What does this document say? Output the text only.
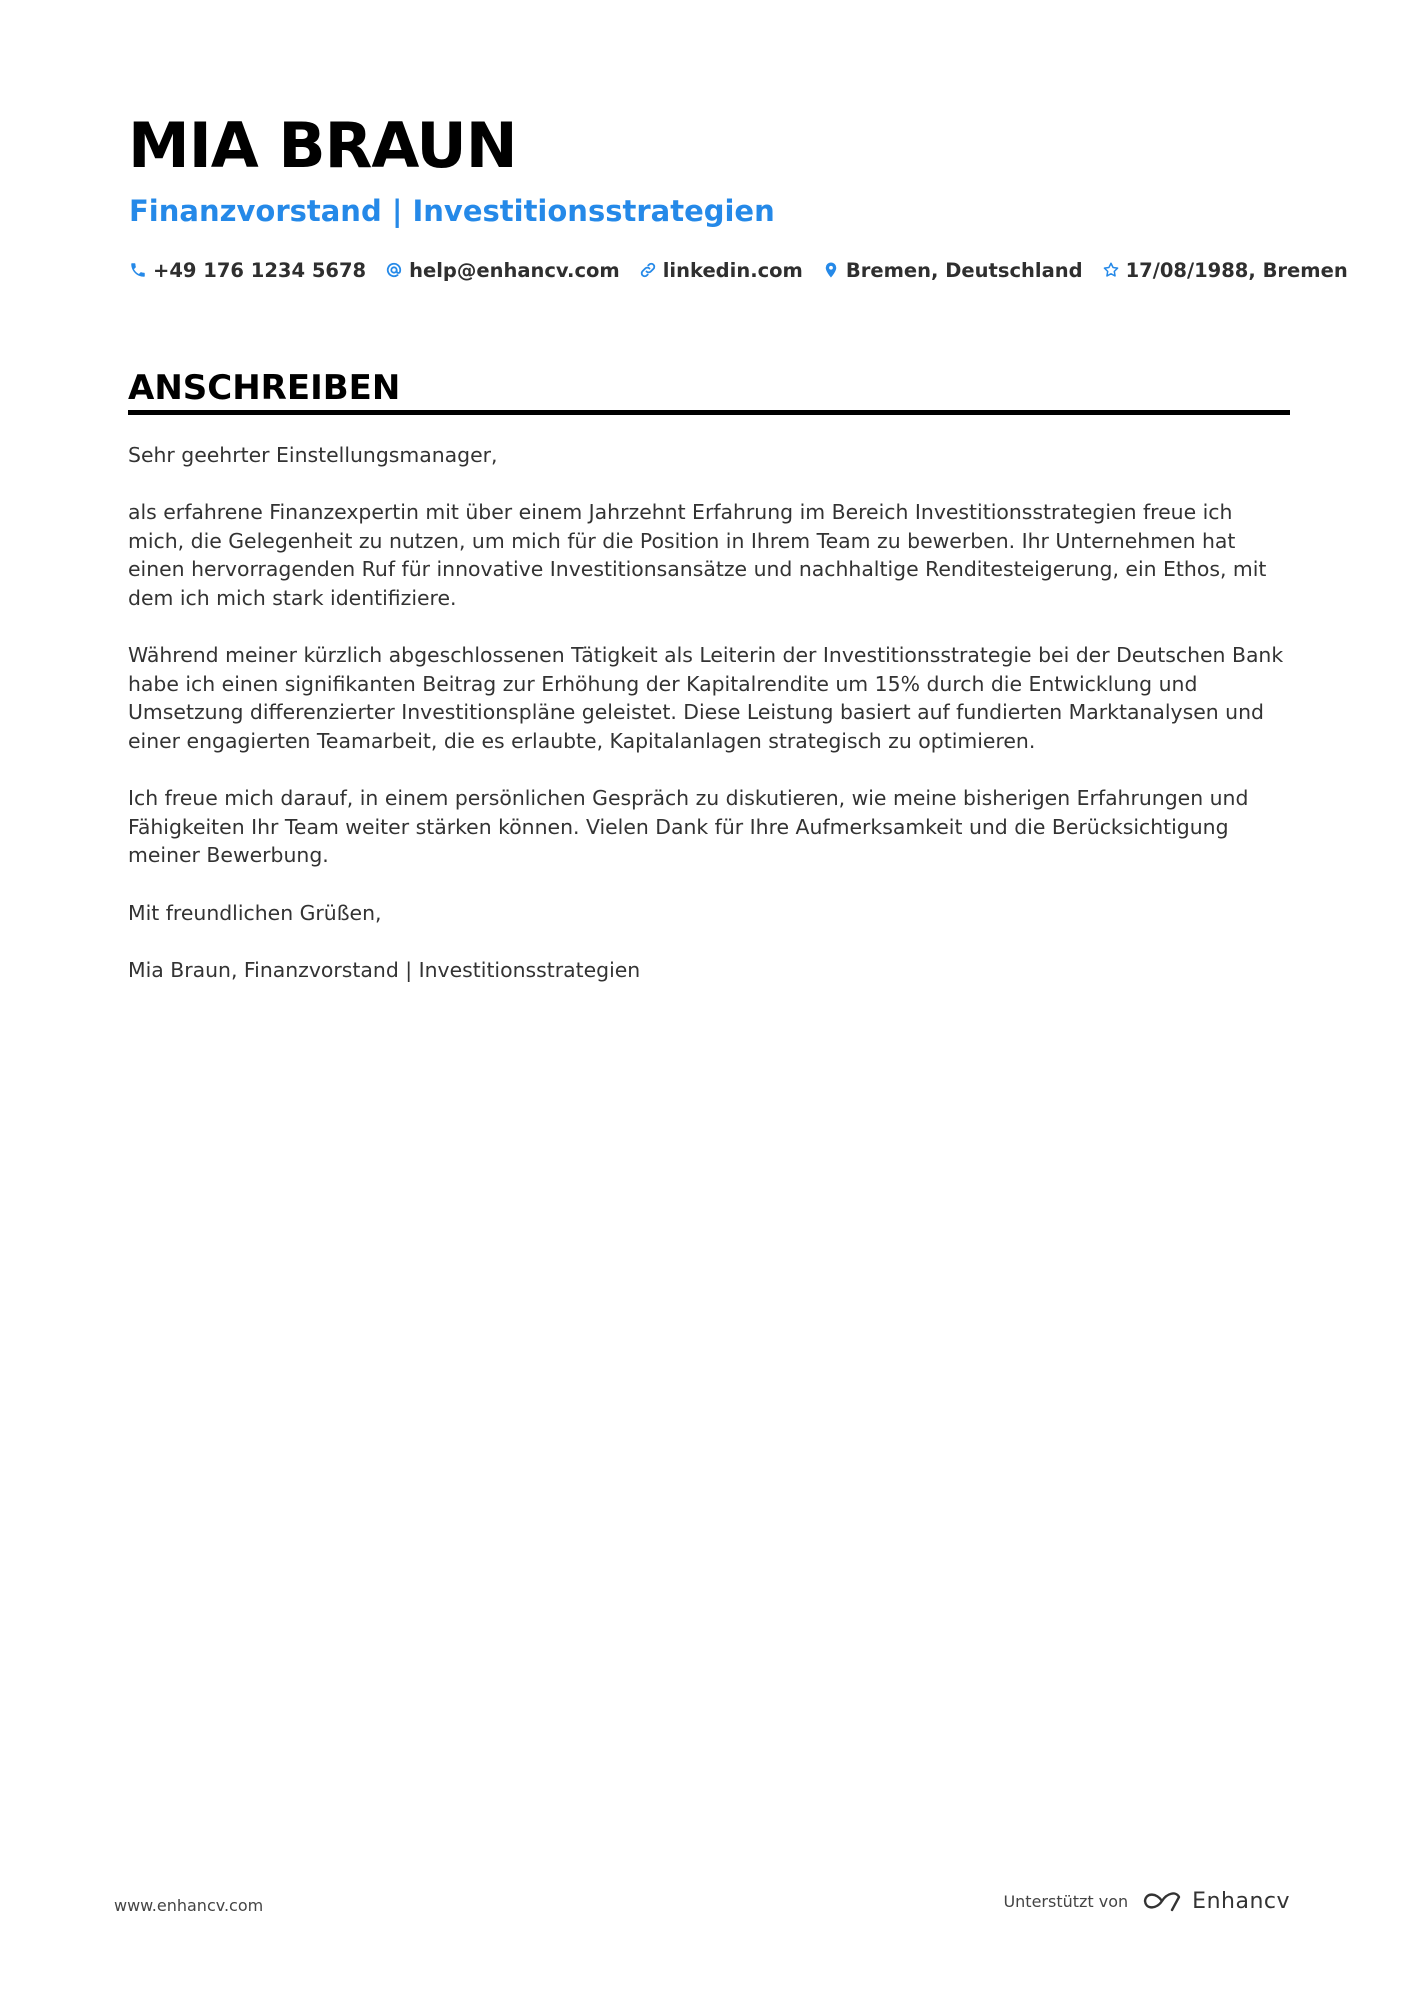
MIA BRAUN
Finanzvorstand | Investitionsstrategien
+49 176 1234 5678 help@enhancv.com linkedin.com Bremen, Deutschland 17/08/1988, Bremen
ANSCHREIBEN

Sehr geehrter Einstellungsmanager,

als erfahrene Finanzexpertin mit über einem Jahrzehnt Erfahrung im Bereich Investitionsstrategien freue ich mich, die Gelegenheit zu nutzen, um mich für die Position in Ihrem Team zu bewerben. Ihr Unternehmen hat einen hervorragenden Ruf für innovative Investitionsansätze und nachhaltige Renditesteigerung, ein Ethos, mit dem ich mich stark identifiziere.

Während meiner kürzlich abgeschlossenen Tätigkeit als Leiterin der Investitionsstrategie bei der Deutschen Bank habe ich einen signifikanten Beitrag zur Erhöhung der Kapitalrendite um 15% durch die Entwicklung und Umsetzung differenzierter Investitionspläne geleistet. Diese Leistung basiert auf fundierten Marktanalysen und einer engagierten Teamarbeit, die es erlaubte, Kapitalanlagen strategisch zu optimieren.

Ich freue mich darauf, in einem persönlichen Gespräch zu diskutieren, wie meine bisherigen Erfahrungen und Fähigkeiten Ihr Team weiter stärken können. Vielen Dank für Ihre Aufmerksamkeit und die Berücksichtigung meiner Bewerbung.

Mit freundlichen Grüßen,

Mia Braun, Finanzvorstand | Investitionsstrategien

www.enhancv.com	Unterstützt von	Enhancv
